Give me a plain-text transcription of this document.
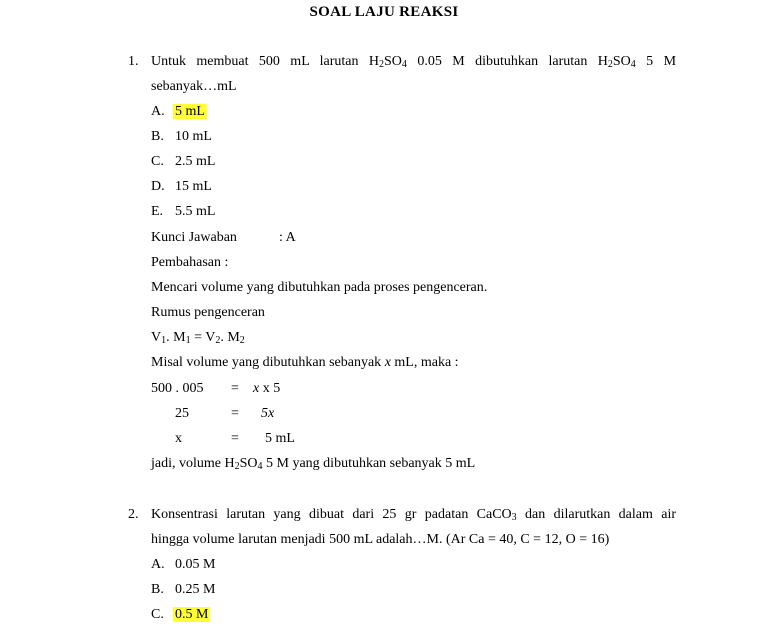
SOAL LAJU REAKSI
1. Untuk membuat 500 mL larutan $H_2SO_4$ 0.05 M dibutuhkan larutan $H_2SO_4$ 5 M
sebanyak…mL
A. 5 mL
B. 10 mL
C. 2.5 mL
D. 15 mL
E. 5.5 mL
Kunci Jawaban	: A
Pembahasan :
Mencari volume yang dibutuhkan pada proses pengenceran.
Rumus pengenceran
$V_1$. $M_1 = V_2$. $M_2$
Misal volume yang dibutuhkan sebanyak x mL, maka :
500 . 005 = x x 5
25	= 5x
x	= 5 mL
jadi, volume $H_2SO_4$ 5 M yang dibutuhkan sebanyak 5 mL
2. Konsentrasi larutan yang dibuat dari 25 gr padatan CaCO$_3$ dan dilarutkan dalam air
hingga volume larutan menjadi 500 mL adalah…M. (Ar Ca = 40, C = 12, O = 16)
A. 0.05 M
B. 0.25 M
C. 0.5 M
